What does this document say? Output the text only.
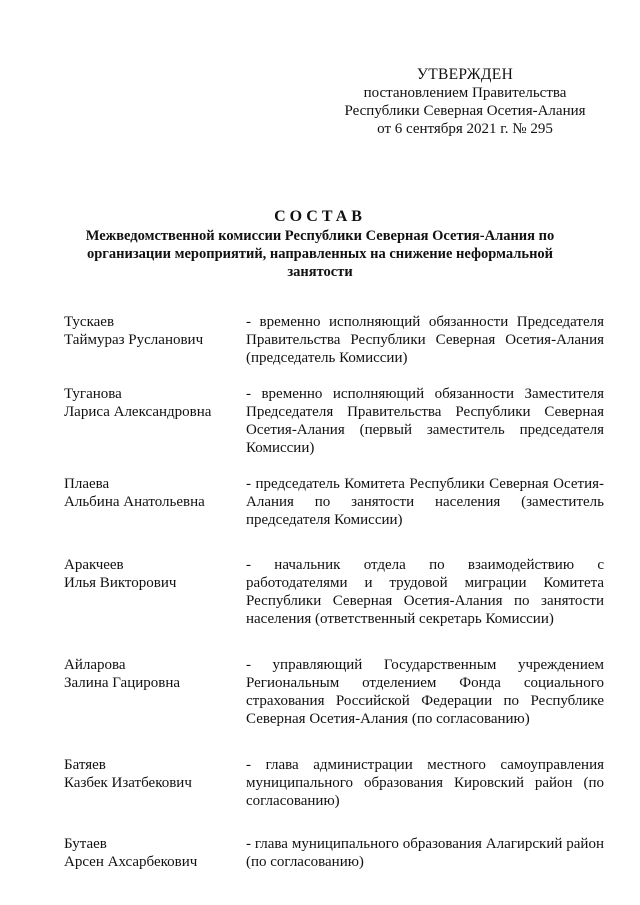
УТВЕРЖДЕН
постановлением Правительства
Республики Северная Осетия-Алания
от 6 сентября 2021 г. № 295
СОСТАВ
Межведомственной комиссии Республики Северная Осетия-Алания по организации мероприятий, направленных на снижение неформальной занятости
Тускаев
Таймураз Русланович
- временно исполняющий обязанности Председателя Правительства Республики Северная Осетия-Алания (председатель Комиссии)
Туганова
Лариса Александровна
- временно исполняющий обязанности Заместителя Председателя Правительства Республики Северная Осетия-Алания (первый заместитель председателя Комиссии)
Плаева
Альбина Анатольевна
- председатель Комитета Республики Северная Осетия-Алания по занятости населения (заместитель председателя Комиссии)
Аракчеев
Илья Викторович
- начальник отдела по взаимодействию с работодателями и трудовой миграции Комитета Республики Северная Осетия-Алания по занятости населения (ответственный секретарь Комиссии)
Айларова
Залина Гацировна
- управляющий Государственным учреждением Региональным отделением Фонда социального страхования Российской Федерации по Республике Северная Осетия-Алания (по согласованию)
Батяев
Казбек Изатбекович
- глава администрации местного самоуправления муниципального образования Кировский район (по согласованию)
Бутаев
Арсен Ахсарбекович
- глава муниципального образования Алагирский район (по согласованию)
